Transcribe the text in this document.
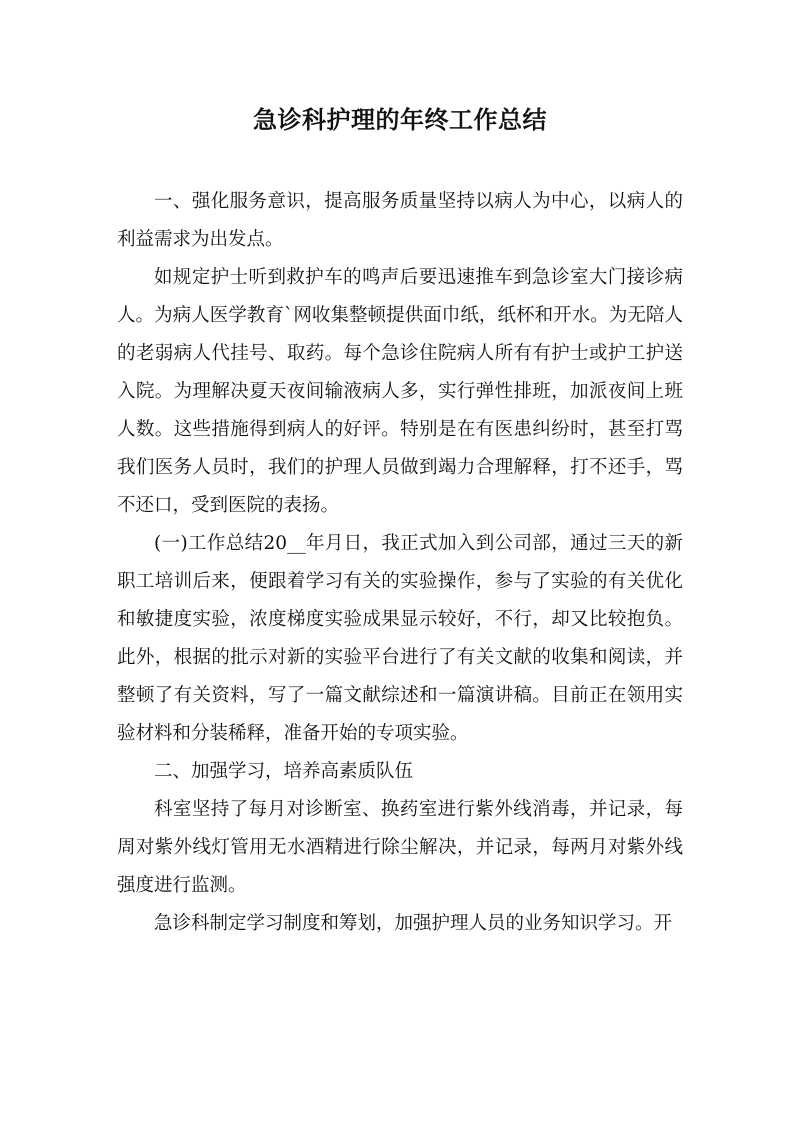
急诊科护理的年终工作总结

一、强化服务意识，提高服务质量坚持以病人为中心，以病人的利益需求为出发点。

如规定护士听到救护车的鸣声后要迅速推车到急诊室大门接诊病人。为病人医学教育`网收集整顿提供面巾纸，纸杯和开水。为无陪人的老弱病人代挂号、取药。每个急诊住院病人所有有护士或护工护送入院。为理解决夏天夜间输液病人多，实行弹性排班，加派夜间上班人数。这些措施得到病人的好评。特别是在有医患纠纷时，甚至打骂我们医务人员时，我们的护理人员做到竭力合理解释，打不还手，骂不还口，受到医院的表扬。

(一)工作总结20__年月日，我正式加入到公司部，通过三天的新职工培训后来，便跟着学习有关的实验操作，参与了实验的有关优化和敏捷度实验，浓度梯度实验成果显示较好，不行，却又比较抱负。此外，根据的批示对新的实验平台进行了有关文献的收集和阅读，并整顿了有关资料，写了一篇文献综述和一篇演讲稿。目前正在领用实验材料和分装稀释，准备开始的专项实验。

二、加强学习，培养高素质队伍

科室坚持了每月对诊断室、换药室进行紫外线消毒，并记录，每周对紫外线灯管用无水酒精进行除尘解决，并记录，每两月对紫外线强度进行监测。

急诊科制定学习制度和筹划，加强护理人员的业务知识学习。开
